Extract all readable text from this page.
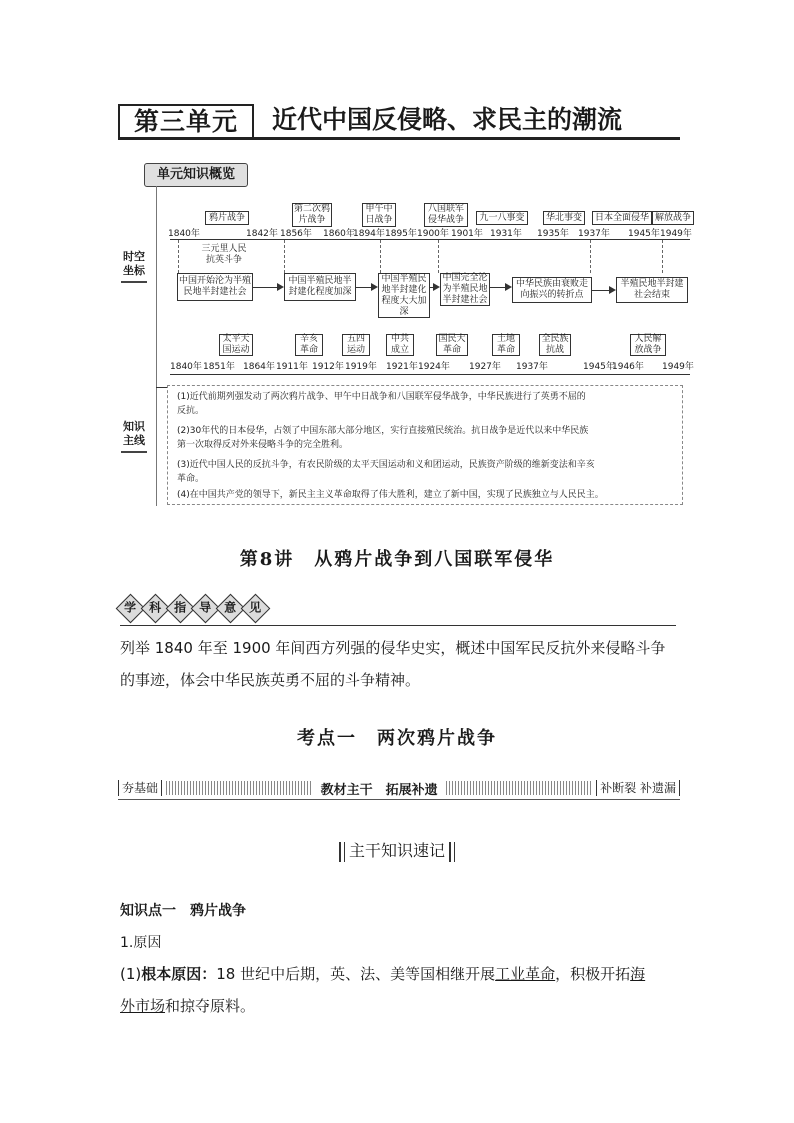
第三单元	近代中国反侵略、求民主的潮流
单元知识概览
时空
坐标
知识
主线
1840年	1842年 1856年 1860年
1894年 1895年 1900年 1901年 1931年 1935年 1937年 1945年 1949年
鸦片战争
第二次鸦片战争
甲午中日战争
八国联军侵华战争	九一八事变	华北事变	日本全面侵华 解放战争
三元里人民抗英斗争
中国开始沦为半殖民地半封建社会
中国半殖民地半封建化程度加深
中国半殖民地半封建化程度大大加深
中国完全沦为半殖民地半封建社会
中华民族由衰败走向振兴的转折点
半殖民地半封建社会结束
太平天国运动
辛亥革命
五四运动
中共成立
国民大革命
土地革命
全民族抗战
人民解放战争
1840年 1851年 1864年 1911年 1912年 1919年 1921年 1924年 1927年 1937年	1945年
1946年 1949年
(1)近代前期列强发动了两次鸦片战争、甲午中日战争和八国联军侵华战争，中华民族进行了英勇不屈的
反抗。
(2)30年代的日本侵华，占领了中国东部大部分地区，实行直接殖民统治。抗日战争是近代以来中华民族
第一次取得反对外来侵略斗争的完全胜利。
(3)近代中国人民的反抗斗争，有农民阶级的太平天国运动和义和团运动，民族资产阶级的维新变法和辛亥
革命。
(4)在中国共产党的领导下，新民主主义革命取得了伟大胜利，建立了新中国，实现了民族独立与人民民主。
第8讲　从鸦片战争到八国联军侵华
学	科	指	导	意	见
列举 1840 年至 1900 年间西方列强的侵华史实，概述中国军民反抗外来侵略斗争
的事迹，体会中华民族英勇不屈的斗争精神。
考点一　两次鸦片战争
夯基础	教材主干　拓展补遗	补断裂 补遗漏
主干知识速记
知识点一 鸦片战争
1.原因
(1)根本原因：18 世纪中后期，英、法、美等国相继开展工业革命，积极开拓海
外市场和掠夺原料。
